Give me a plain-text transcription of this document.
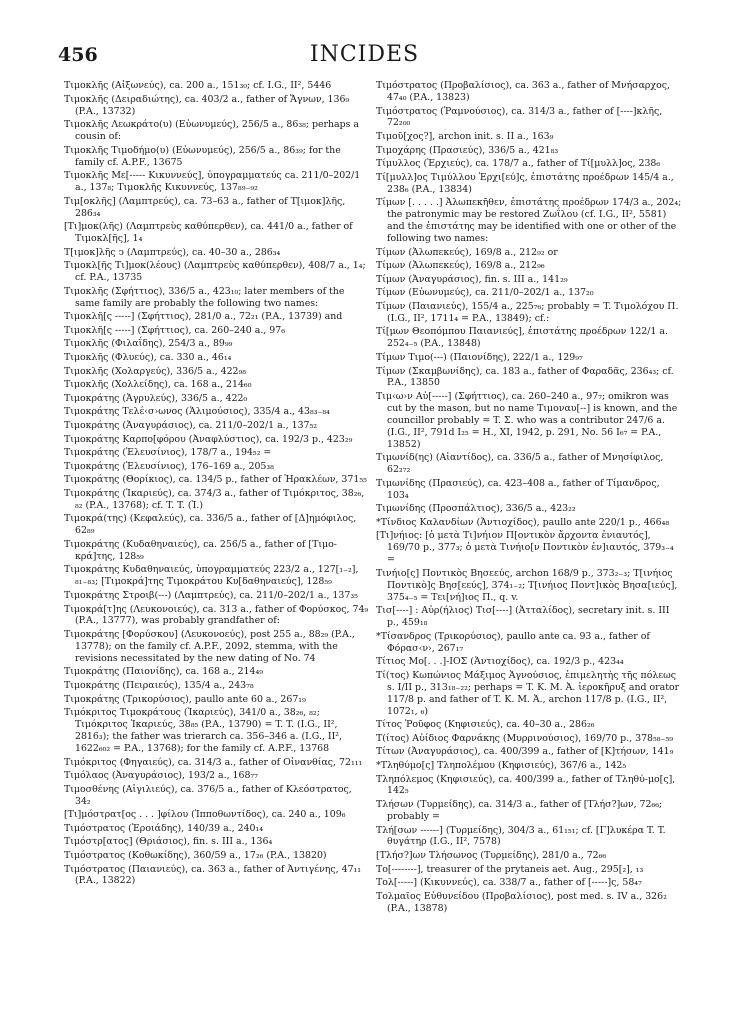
456	INCIDES

Τιμοκλῆς (Αἰξωνεύς), ca. 200 a., 151₃₀; cf. I.G., II², 5446

Τιμοκλῆς (Δειραδιώτης), ca. 403/2 a., father of Ἄγνων, 136₉ (P.A., 13732)

Τιμοκλῆς Λεωκράτο(υ) (Εὐωνυμεύς), 256/5 a., 86₃₈; perhaps a cousin of:

Τιμοκλῆς Τιμοδήμο(υ) (Εὐωνυμεύς), 256/5 a., 86₃₉; for the family cf. A.P.F., 13675

Τιμοκλῆς Με[----- Κικυννεύς], ὑπογραμματεύς ca. 211/0–202/1 a., 137₈; Τιμοκλῆς Κικυννεύς, 137₈₉₋₉₂

Τιμ[οκλῆς] (Λαμπτρεύς), ca. 73–63 a., father of Τ[ιμοκ]λῆς, 286₃₄

[Τι]μοκ(λῆς) (Λαμπτρεὺς καθύπερθεν), ca. 441/0 a., father of Τιμοκλ[ῆς], 1₄

Τ[ιμοκ]λῆς ͻ (Λαμπτρεύς), ca. 40–30 a., 286₃₄

Τιμοκλ[ῆς Τι]μοκ(λέους) (Λαμπτρεὺς καθύπερθεν), 408/7 a., 1₄; cf. P.A., 13735

Τιμοκλῆς (Σφήττιος), 336/5 a., 423₁₀; later members of the same family are probably the following two names:

Τιμοκλῆ[ς -----] (Σφήττιος), 281/0 a., 72₂₁ (P.A., 13739) and

Τιμοκλῆ[ς -----] (Σφήττιος), ca. 260–240 a., 97₆

Τιμοκλῆς (Φιλαΐδης), 254/3 a., 89₉₉

Τιμοκλῆς (Φλυεύς), ca. 330 a., 46₁₄

Τιμοκλῆς (Χολαργεύς), 336/5 a., 422₉₈

Τιμοκλῆς (Χολλείδης), ca. 168 a., 214₆₀

Τιμοκράτης (Ἀγρυλεύς), 336/5 a., 422₀

Τιμοκράτης Τελέ‹σ›ωνος (Ἁλιμούσιος), 335/4 a., 43₈₃₋₈₄

Τιμοκράτης (Ἀναγυράσιος), ca. 211/0–202/1 a., 137₅₂

Τιμοκράτης Καρπο[φόρου (Ἀναφλύστιος), ca. 192/3 p., 423₂₉

Τιμοκράτης (Ἐλευσίνιος), 178/7 a., 194₅₂ =

Τιμοκράτης (Ἐλευσίνιος), 176–169 a., 205₃₈

Τιμοκράτης (Θορίκιος), ca. 134/5 p., father of Ἡρακλέων, 371₅₅

Τιμοκράτης (Ἰκαριεύς), ca. 374/3 a., father of Τιμόκριτος, 38₂₆, ₈₂ (P.A., 13768); cf. T. T. (Ἰ.)

Τιμοκρά(της) (Κεφαλεύς), ca. 336/5 a., father of [Δ]ημόφιλος, 62₈₉

Τιμοκράτης (Κυδαθηναιεύς), ca. 256/5 a., father of [Τιμο-κρά]της, 128₅₉

Τιμοκράτης Κυδαθηναιεύς, ὑπογραμματεύς 223/2 a., 127[₁₋₂], ₈₁₋₈₃; [Τιμοκρά]της Τιμοκράτου Κυ[δαθηναιεύς], 128₅₉

Τιμοκράτης Στροιβ(---) (Λαμπτρεύς), ca. 211/0–202/1 a., 137₃₅

Τιμοκρά[τ]ης (Λευκονοιεύς), ca. 313 a., father of Φορύσκος, 74₉ (P.A., 13777), was probably grandfather of:

Τιμοκράτης [Φορύσκου] (Λευκονοεύς), post 255 a., 88₂₉ (P.A., 13778); on the family cf. A.P.F., 2092, stemma, with the revisions necessitated by the new dating of No. 74

Τιμοκράτης (Παιονίδης), ca. 168 a., 214₄₉

Τιμοκράτης (Πειραιεύς), 135/4 a., 243₇₈

Τιμοκράτης (Τρικορύσιος), paullo ante 60 a., 267₁₉

Τιμόκριτος Τιμοκράτους (Ἰκαριεύς), 341/0 a., 38₂₆, ₈₂; Τιμόκριτος Ἰκαριεύς, 38₈₅ (P.A., 13790) = T. T. (I.G., II², 2816₃); the father was trierarch ca. 356–346 a. (I.G., II², 1622₆₀₂ = P.A., 13768); for the family cf. A.P.F., 13768

Τιμόκριτος (Φηγαιεύς), ca. 314/3 a., father of Οἰνανθίας, 72₁₁₁

Τιμόλαος (Ἀναγυράσιος), 193/2 a., 168₇₇

Τιμοσθένης (Αἰγιλιεύς), ca. 376/5 a., father of Κλεόστρατος, 34₂

[Τι]μόστρατ[ος . . . ]φίλου (Ἱπποθωντίδος), ca. 240 a., 109₆

Τιμόστρατος (Ἐροιάδης), 140/39 a., 240₁₄

Τιμόστρ[ατος] (Θριάσιος), fin. s. III a., 136₄

Τιμόστρατος (Κοθωκίδης), 360/59 a., 17₂₆ (P.A., 13820)

Τιμόστρατος (Παιανιεύς), ca. 363 a., father of Ἀντιγένης, 47₁₁ (P.A., 13822)

Τιμόστρατος (Προβαλίσιος), ca. 363 a., father of Μνήσαρχος, 47₄₀ (P.A., 13823)

Τιμόστρατος (Ῥαμνούσιος), ca. 314/3 a., father of [----]κλῆς, 72₂₀₀

Τιμοῦ[χος?], archon init. s. II a., 163₉

Τιμοχάρης (Πρασιεύς), 336/5 a., 421₈₃

Τίμυλλος (Ἐρχιεύς), ca. 178/7 a., father of Τί[μυλλ]ος, 238₆

Τί[μυλλ]ος Τιμύλλου Ἐρχι[εύ]ς, ἐπιστάτης προέδρων 145/4 a., 238₆ (P.A., 13834)

Τίμων [. . . . .] Ἀλωπεκῆθεν, ἐπιστάτης προέδρων 174/3 a., 202₄; the patronymic may be restored Ζωΐλου (cf. I.G., II², 5581) and the ἐπιστάτης may be identified with one or other of the following two names:

Τίμων (Ἀλωπεκεύς), 169/8 a., 212₉₂ or

Τίμων (Ἀλωπεκεύς), 169/8 a., 212₉₆

Τίμων (Ἀναγυράσιος), fin. s. III a., 141₂₉

Τίμων (Εὐωνυμεύς), ca. 211/0–202/1 a., 137₂₀

Τίμων (Παιανιεύς), 155/4 a., 225₇₆; probably = T. Τιμολόχου Π. (I.G., II², 1711₄ = P.A., 13849); cf.:

Τί[μων Θεοπόμπου Παιανιεύς], ἐπιστάτης προέδρων 122/1 a. 252₄₋₅ (P.A., 13848)

Τίμων Τιμο(---) (Παιονίδης), 222/1 a., 129₉₇

Τίμων (Σκαμβωνίδης), ca. 183 a., father of Φαραδᾶς, 236₄₃; cf. P.A., 13850

Τιμ‹ω›ν Αὐ[-----] (Σφήττιος), ca. 260–240 a., 97₇; omikron was cut by the mason, but no name Τιμοναυ[--] is known, and the councillor probably = T. Σ. who was a contributor 247/6 a. (I.G., II², 791d I₂₅ = H., XI, 1942, p. 291, No. 56 I₆₇ = P.A., 13852)

Τιμωνίδ(ης) (Αἰαντίδος), ca. 336/5 a., father of Μνησίφιλος, 62₂₇₂

Τιμωνίδης (Πρασιεύς), ca. 423–408 a., father of Τίμανδρος, 103₄

Τιμωνίδης (Προσπάλτιος), 336/5 a., 423₂₂

*Τίνδιος Καλανδίων (Ἀντιοχίδος), paullo ante 220/1 p., 466₄₈

[Τι]νήιος: [ὁ μετὰ Τι]νήιον Π[οντικὸν ἄρχοντα ἐνιαυτός], 169/70 p., 377₃; ὁ μετὰ Τινήιο[ν Ποντικὸν ἐν]ιαυτός, 379₃₋₄ =

Τινήιο[ς] Ποντικὸς Βησεεύς, archon 168/9 p., 373₂₋₃; T[ινήιος Ποντικὸ]ς Βησ[εεύς], 374₁₋₂; T[ινήιος Ποντ]ικὸς Βησα[ιεύς], 375₄₋₅ = Τει[νή]ιος Π., q. v.

Τισ[----] : Αὐρ(ήλιος) Τισ[----] (Ἀτταλίδος), secretary init. s. III p., 459₁₈

*Τίσανδρος (Τρικορύσιος), paullo ante ca. 93 a., father of Φόρασ‹ν›, 267₁₇

Τίτιος Μο[. . .]-ΙΟΣ (Ἀντιοχίδος), ca. 192/3 p., 423₄₄

Τί(τος) Κωπώνιος Μάξιμος Ἁγνούσιος, ἐπιμελητὴς τῆς πόλεως s. I/II p., 313₁₈₋₂₂; perhaps = T. K. M. Ἀ. ἱεροκῆρυξ and orator 117/8 p. and father of T. K. M. Ἀ., archon 117/8 p. (I.G., II², 1072₁, ₆)

Τίτος Ῥοῦφος (Κηφισιεύς), ca. 40–30 a., 286₂₆

T(ίτος) Αὐίδιος Φαρνάκης (Μυρρινούσιος), 169/70 p., 378₅₈₋₅₉

Τίτων (Ἀναγυράσιος), ca. 400/399 a., father of [Κ]τήσων, 141₉

*Τληθύμο[ς] Τληπολέμου (Κηφισιεύς), 367/6 a., 142₅

Τληπόλεμος (Κηφισιεύς), ca. 400/399 a., father of Τληθύ-μο[ς], 142₅

Τλήσων (Τυρμείδης), ca. 314/3 a., father of [Τλήσ?]ων, 72₆₆; probably =

Τλή[σων ------] (Τυρμείδης), 304/3 a., 61₁₅₁; cf. [Γ]λυκέρα T. T. θυγάτηρ (I.G., II², 7578)

[Τλήσ?]ων Τλήσωνος (Τυρμείδης), 281/0 a., 72₆₆

Το[--------], treasurer of the prytaneis aet. Aug., 295[₂], ₁₃

Τολ[-----] (Κικυννεύς), ca. 338/7 a., father of [-----]ς, 58₄₇

Τολμαῖος Εὐθυνείδου (Προβαλίσιος), post med. s. IV a., 326₂ (P.A., 13878)
